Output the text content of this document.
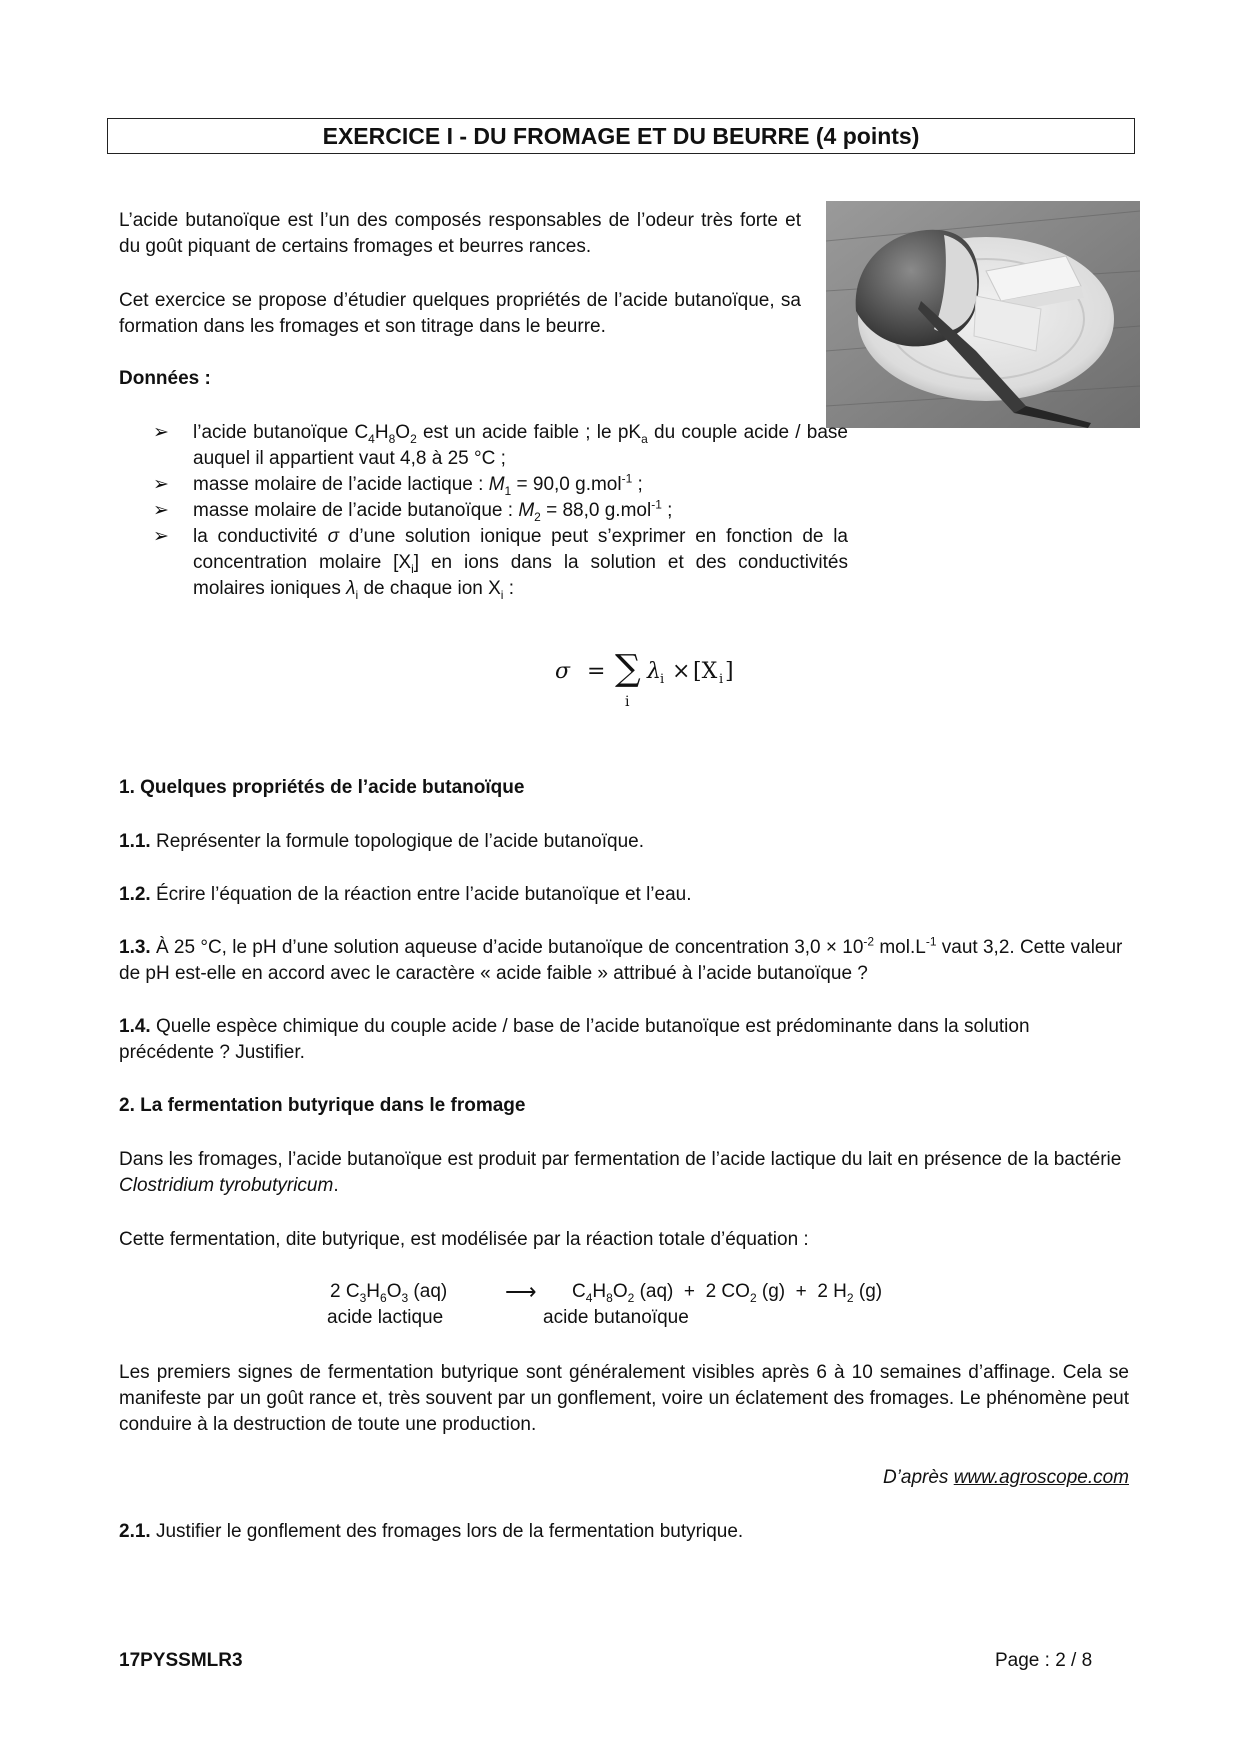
EXERCICE I - DU FROMAGE ET DU BEURRE (4 points)

L’acide butanoïque est l’un des composés responsables de l’odeur très forte et du goût piquant de certains fromages et beurres rances.

Cet exercice se propose d’étudier quelques propriétés de l’acide butanoïque, sa formation dans les fromages et son titrage dans le beurre.

Données :
➢ l’acide butanoïque $C_4H_8O_2$ est un acide faible ; le $pK_a$ du couple acide / base auquel il appartient vaut 4,8 à 25 °C ;
➢ masse molaire de l’acide lactique : $M_1 = 90,0$ g.mol$^{-1}$ ;
➢ masse molaire de l’acide butanoïque : $M_2 = 88,0$ g.mol$^{-1}$ ;
➢ la conductivité σ d’une solution ionique peut s’exprimer en fonction de la concentration molaire $[X_i]$ en ions dans la solution et des conductivités molaires ioniques $\lambda_i$ de chaque ion $X_i$ :
σ = ∑
i
λ i × [X i ]
1. Quelques propriétés de l’acide butanoïque

1.1. Représenter la formule topologique de l’acide butanoïque.

1.2. Écrire l’équation de la réaction entre l’acide butanoïque et l’eau.

1.3. À 25 °C, le pH d’une solution aqueuse d’acide butanoïque de concentration $3,0 \times 10^{-2}$ $mol.L^{-1}$ vaut 3,2. Cette valeur de pH est-elle en accord avec le caractère « acide faible » attribué à l’acide butanoïque ?

1.4. Quelle espèce chimique du couple acide / base de l’acide butanoïque est prédominante dans la solution précédente ? Justifier.

2. La fermentation butyrique dans le fromage

Dans les fromages, l’acide butanoïque est produit par fermentation de l’acide lactique du lait en présence de la bactérie Clostridium tyrobutyricum.

Cette fermentation, dite butyrique, est modélisée par la réaction totale d’équation :

2 $C_3H_6O_3$ (aq)	⟶ $C_4H_8O_2$ (aq)  +  2 $CO_2$ (g)  +  2 $H_2$ (g)
acide lactique	acide butanoïque

Les premiers signes de fermentation butyrique sont généralement visibles après 6 à 10 semaines d’affinage. Cela se manifeste par un goût rance et, très souvent par un gonflement, voire un éclatement des fromages. Le phénomène peut conduire à la destruction de toute une production.

D’après www.agroscope.com

2.1. Justifier le gonflement des fromages lors de la fermentation butyrique.

17PYSSMLR3	Page : 2 / 8
